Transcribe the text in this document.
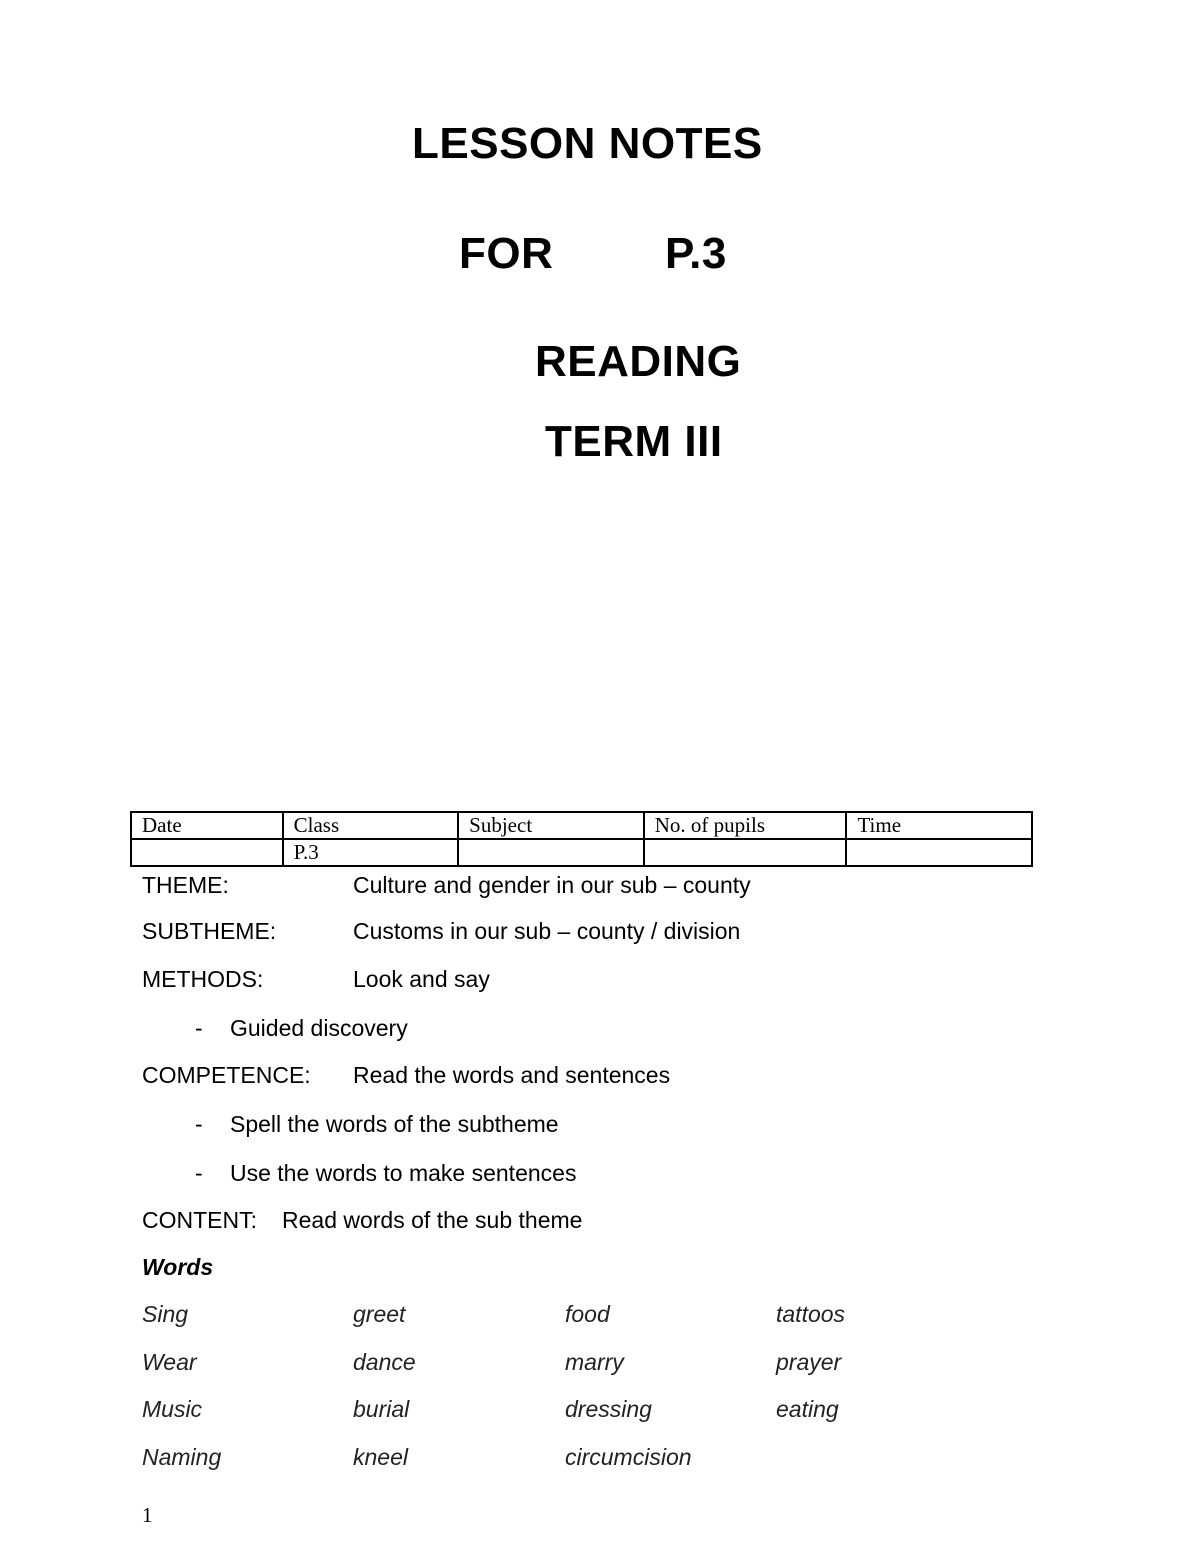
LESSON NOTES
FOR	P.3
READING
TERM III
Date	Class	Subject	No. of pupils	Time
	P.3			
THEME:	Culture and gender in our sub – county
SUBTHEME:	Customs in our sub – county / division
METHODS:	Look and say
- Guided discovery
COMPETENCE: Read the words and sentences
- Spell the words of the subtheme
- Use the words to make sentences
CONTENT: Read words of the sub theme
Words
Sing	greet	food	tattoos
Wear	dance	marry	prayer
Music	burial	dressing	eating
Naming	kneel	circumcision
1
